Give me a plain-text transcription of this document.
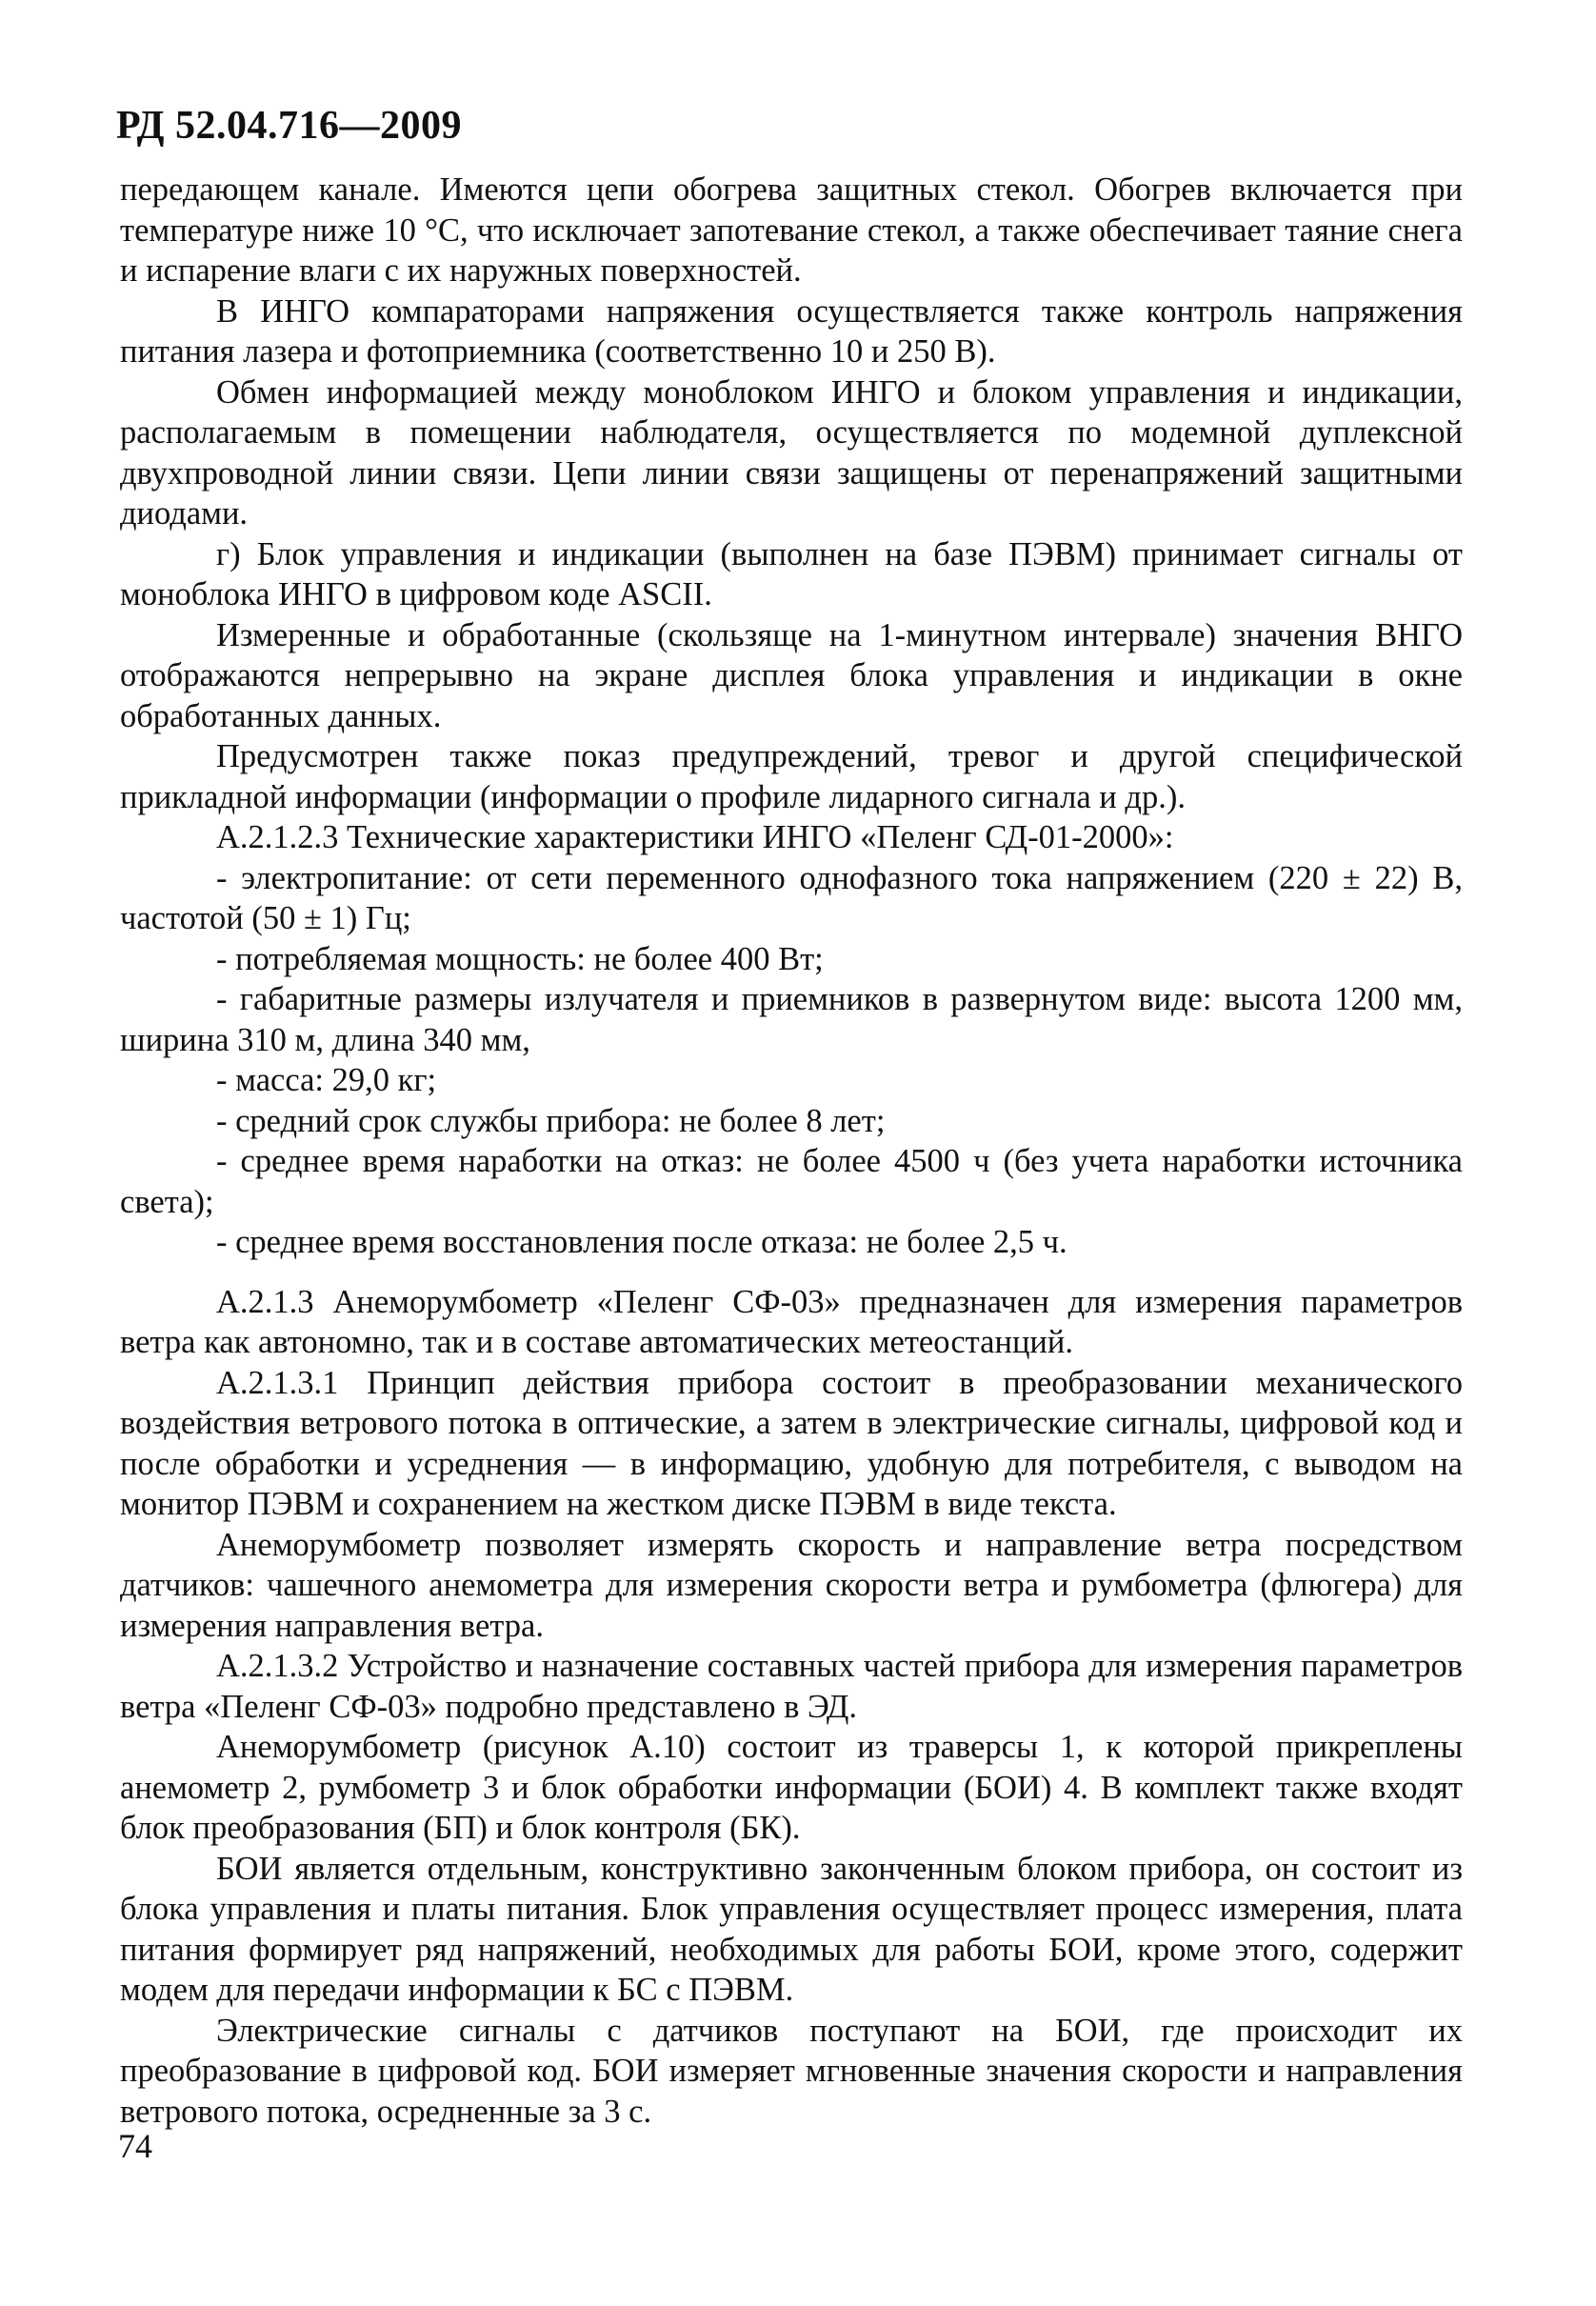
РД 52.04.716—2009

передающем канале. Имеются цепи обогрева защитных стекол. Обогрев включается при температуре ниже 10 °С, что исключает запотевание стекол, а также обеспечивает таяние снега и испарение влаги с их наружных поверхностей.

В ИНГО компараторами напряжения осуществляется также контроль напряжения питания лазера и фотоприемника (соответственно 10 и 250 В).

Обмен информацией между моноблоком ИНГО и блоком управления и индикации, располагаемым в помещении наблюдателя, осуществляется по модемной дуплексной двухпроводной линии связи. Цепи линии связи защищены от перенапряжений защитными диодами.

г) Блок управления и индикации (выполнен на базе ПЭВМ) принимает сигналы от моноблока ИНГО в цифровом коде ASCII.

Измеренные и обработанные (скользяще на 1-минутном интервале) значения ВНГО отображаются непрерывно на экране дисплея блока управления и индикации в окне обработанных данных.

Предусмотрен также показ предупреждений, тревог и другой специфической прикладной информации (информации о профиле лидарного сигнала и др.).

А.2.1.2.3 Технические характеристики ИНГО «Пеленг СД-01-2000»:

- электропитание: от сети переменного однофазного тока напряжением (220 ± 22) В, частотой (50 ± 1) Гц;

- потребляемая мощность: не более 400 Вт;

- габаритные размеры излучателя и приемников в развернутом виде: высота 1200 мм, ширина 310 м, длина 340 мм,

- масса: 29,0 кг;

- средний срок службы прибора: не более 8 лет;

- среднее время наработки на отказ: не более 4500 ч (без учета наработки источника света);

- среднее время восстановления после отказа: не более 2,5 ч.

А.2.1.3 Анеморумбометр «Пеленг СФ-03» предназначен для измерения параметров ветра как автономно, так и в составе автоматических метеостанций.

А.2.1.3.1 Принцип действия прибора состоит в преобразовании механического воздействия ветрового потока в оптические, а затем в электрические сигналы, цифровой код и после обработки и усреднения — в информацию, удобную для потребителя, с выводом на монитор ПЭВМ и сохранением на жестком диске ПЭВМ в виде текста.

Анеморумбометр позволяет измерять скорость и направление ветра посредством датчиков: чашечного анемометра для измерения скорости ветра и румбометра (флюгера) для измерения направления ветра.

А.2.1.3.2 Устройство и назначение составных частей прибора для измерения параметров ветра «Пеленг СФ-03» подробно представлено в ЭД.

Анеморумбометр (рисунок А.10) состоит из траверсы 1, к которой прикреплены анемометр 2, румбометр 3 и блок обработки информации (БОИ) 4. В комплект также входят блок преобразования (БП) и блок контроля (БК).

БОИ является отдельным, конструктивно законченным блоком прибора, он состоит из блока управления и платы питания. Блок управления осуществляет процесс измерения, плата питания формирует ряд напряжений, необходимых для работы БОИ, кроме этого, содержит модем для передачи информации к БС с ПЭВМ.

Электрические сигналы с датчиков поступают на БОИ, где происходит их преобразование в цифровой код. БОИ измеряет мгновенные значения скорости и направления ветрового потока, осредненные за 3 с.

74
